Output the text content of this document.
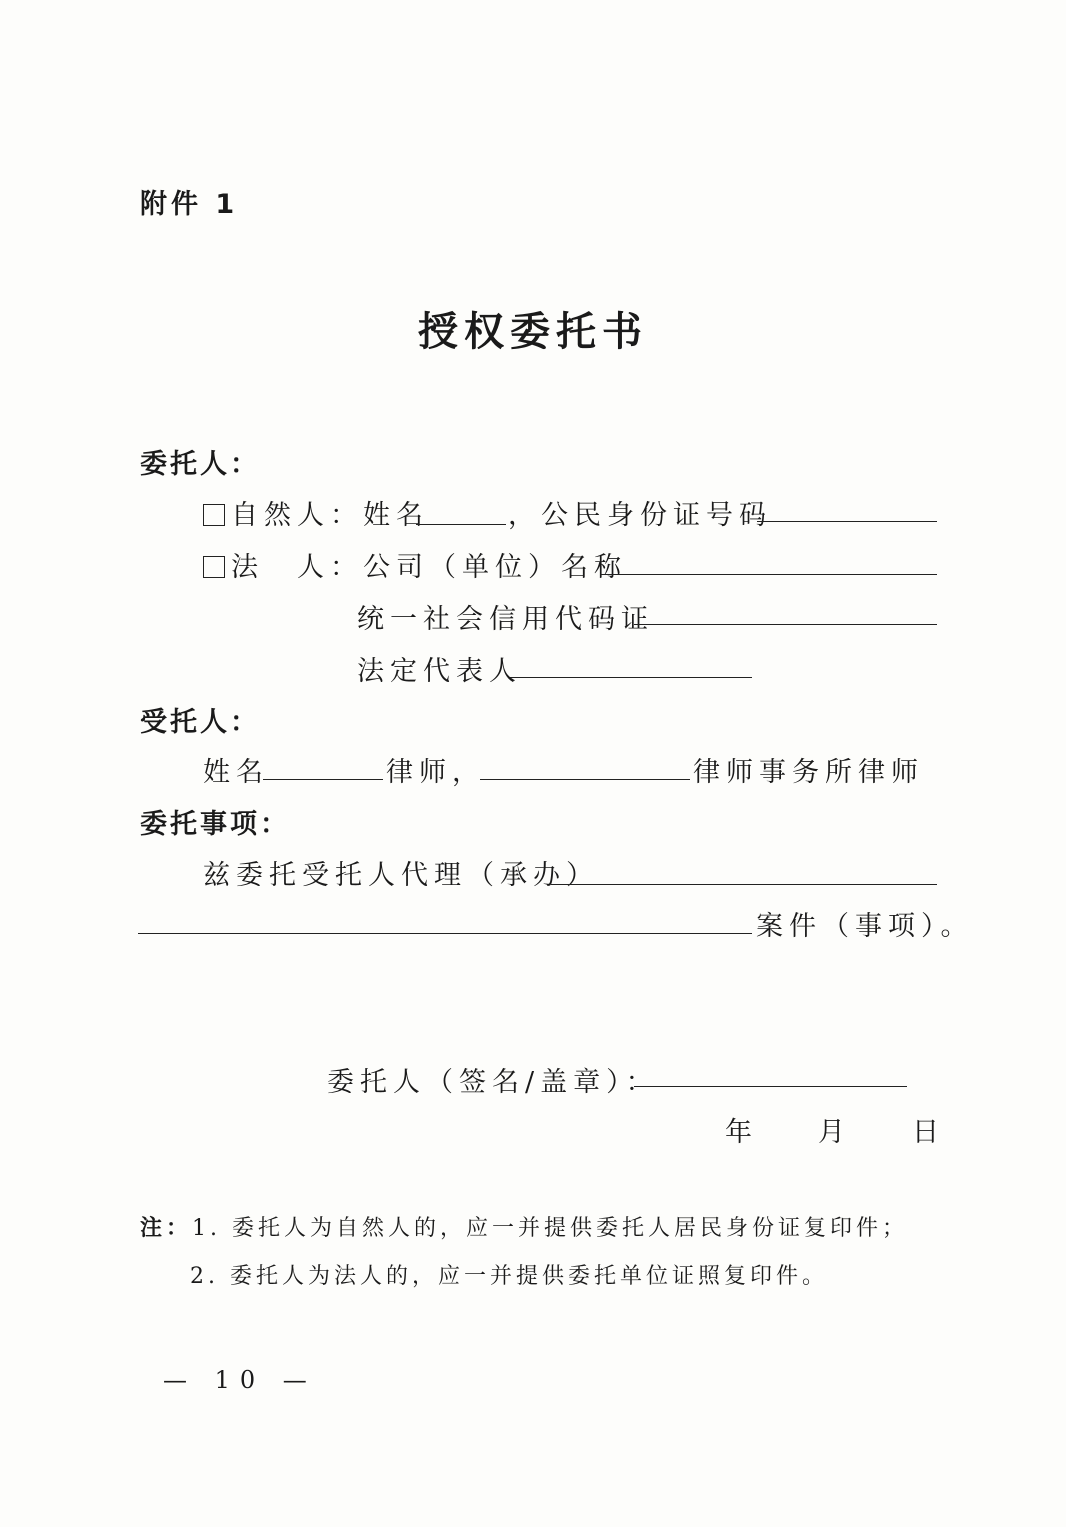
附件 1
授权委托书
委托人：
自然人：姓名	，公民身份证号码
法　人：公司（单位）名称
统一社会信用代码证
法定代表人
受托人：
姓名	律师，	律师事务所律师
委托事项：
兹委托受托人代理（承办）
案件（事项）。
委托人（签名/盖章）：
年 月 日
注：1. 委托人为自然人的，应一并提供委托人居民身份证复印件；
2. 委托人为法人的，应一并提供委托单位证照复印件。
— 10 —
